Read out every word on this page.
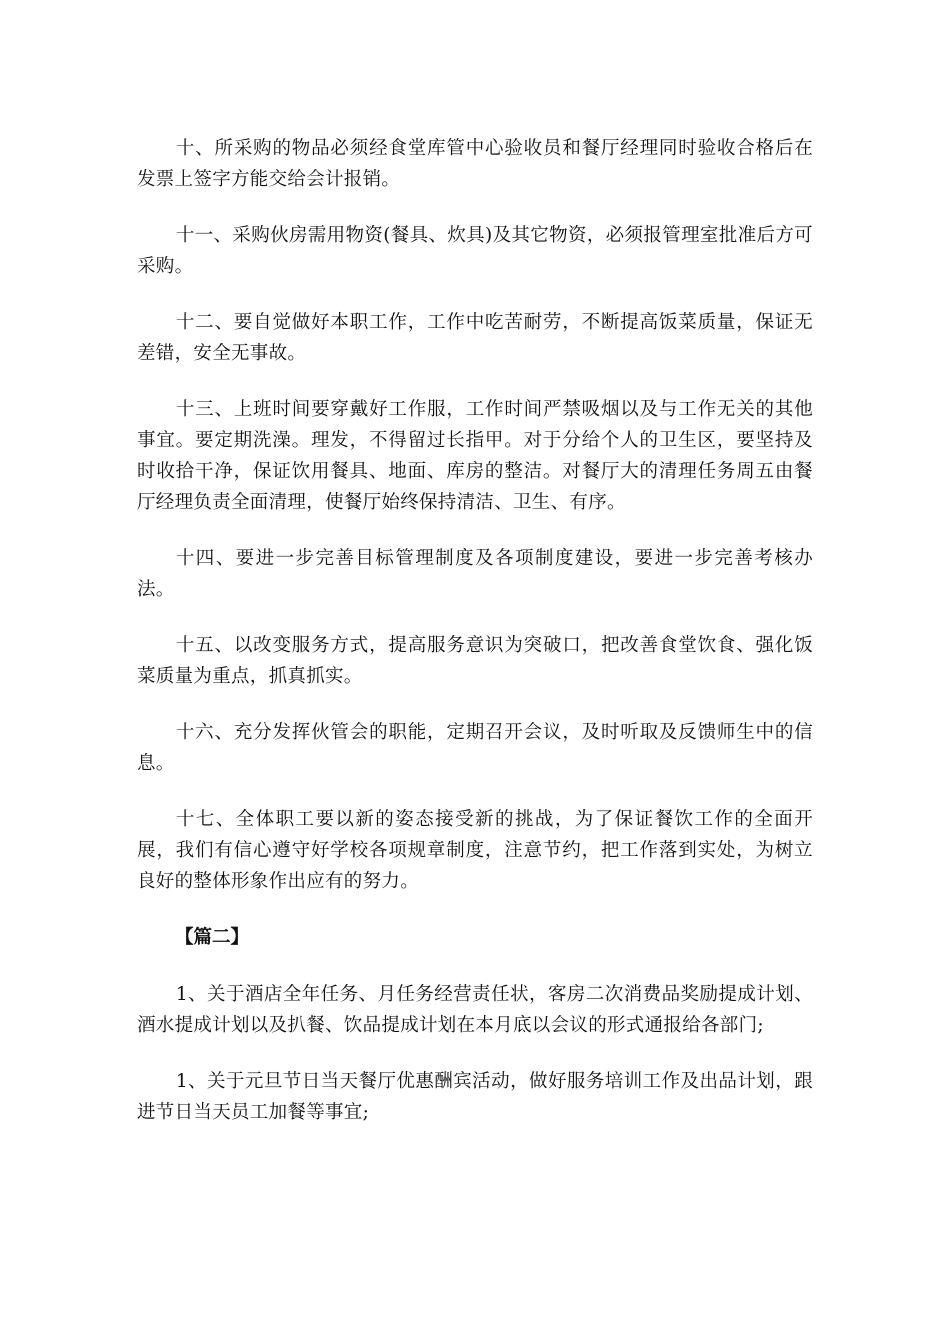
十、所采购的物品必须经食堂库管中心验收员和餐厅经理同时验收合格后在发票上签字方能交给会计报销。

十一、采购伙房需用物资(餐具、炊具)及其它物资，必须报管理室批准后方可采购。

十二、要自觉做好本职工作，工作中吃苦耐劳，不断提高饭菜质量，保证无差错，安全无事故。

十三、上班时间要穿戴好工作服，工作时间严禁吸烟以及与工作无关的其他事宜。要定期洗澡。理发，不得留过长指甲。对于分给个人的卫生区，要坚持及时收拾干净，保证饮用餐具、地面、库房的整洁。对餐厅大的清理任务周五由餐厅经理负责全面清理，使餐厅始终保持清洁、卫生、有序。

十四、要进一步完善目标管理制度及各项制度建设，要进一步完善考核办法。

十五、以改变服务方式，提高服务意识为突破口，把改善食堂饮食、强化饭菜质量为重点，抓真抓实。

十六、充分发挥伙管会的职能，定期召开会议，及时听取及反馈师生中的信息。

十七、全体职工要以新的姿态接受新的挑战，为了保证餐饮工作的全面开展，我们有信心遵守好学校各项规章制度，注意节约，把工作落到实处，为树立良好的整体形象作出应有的努力。

【篇二】

1、关于酒店全年任务、月任务经营责任状，客房二次消费品奖励提成计划、酒水提成计划以及扒餐、饮品提成计划在本月底以会议的形式通报给各部门;

1、关于元旦节日当天餐厅优惠酬宾活动，做好服务培训工作及出品计划，跟进节日当天员工加餐等事宜;
